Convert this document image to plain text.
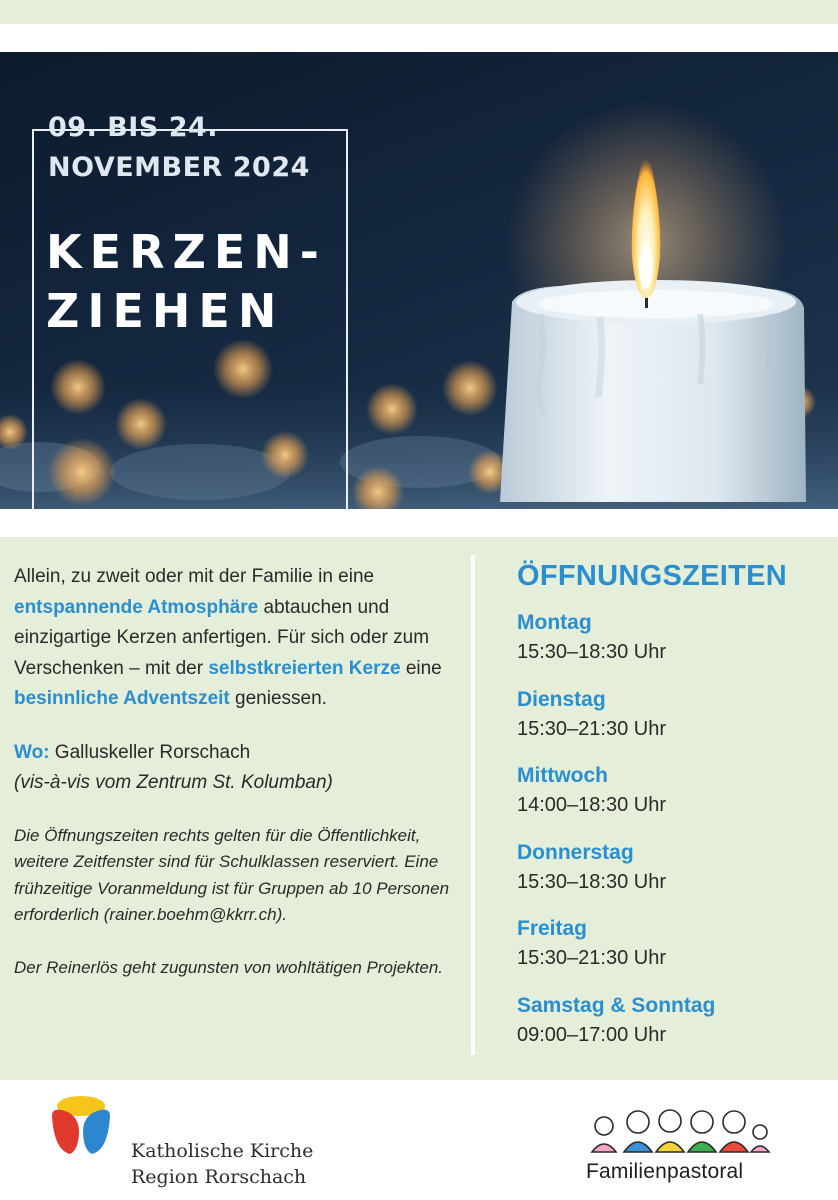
09. BIS 24.
NOVEMBER 2024
KERZEN-
ZIEHEN

Allein, zu zweit oder mit der Familie in eine entspannende Atmosphäre abtauchen und einzigartige Kerzen anfertigen. Für sich oder zum Verschenken – mit der selbstkreierten Kerze eine besinnliche Adventszeit geniessen.

Wo: Galluskeller Rorschach
(vis-à-vis vom Zentrum St. Kolumban)

Die Öffnungszeiten rechts gelten für die Öffentlichkeit, weitere Zeitfenster sind für Schulklassen reserviert. Eine frühzeitige Voranmeldung ist für Gruppen ab 10 Personen erforderlich (rainer.boehm@kkrr.ch).

Der Reinerlös geht zugunsten von wohltätigen Projekten.

ÖFFNUNGSZEITEN
Montag
15:30–18:30 Uhr
Dienstag
15:30–21:30 Uhr
Mittwoch
14:00–18:30 Uhr
Donnerstag
15:30–18:30 Uhr
Freitag
15:30–21:30 Uhr
Samstag & Sonntag
09:00–17:00 Uhr
Katholische Kirche
Region Rorschach	Familienpastoral
